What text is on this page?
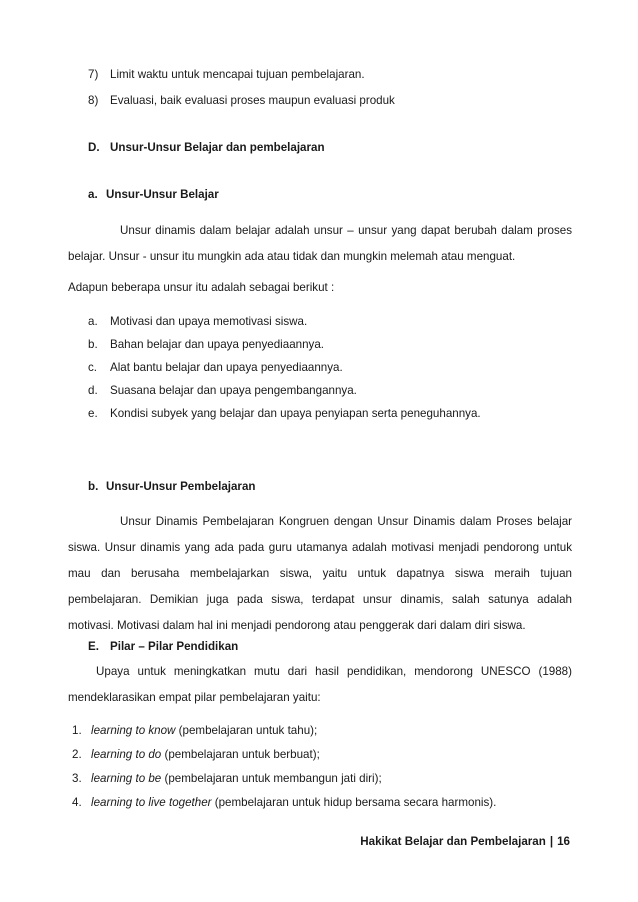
7) Limit waktu untuk mencapai tujuan pembelajaran.
8) Evaluasi, baik evaluasi proses maupun evaluasi produk
D. Unsur-Unsur Belajar dan pembelajaran
a. Unsur-Unsur Belajar
Unsur dinamis dalam belajar adalah unsur – unsur yang dapat berubah dalam proses
belajar. Unsur - unsur itu mungkin ada atau tidak dan mungkin melemah atau menguat.
Adapun beberapa unsur itu adalah sebagai berikut :
a. Motivasi dan upaya memotivasi siswa.
b. Bahan belajar dan upaya penyediaannya.
c. Alat bantu belajar dan upaya penyediaannya.
d. Suasana belajar dan upaya pengembangannya.
e. Kondisi subyek yang belajar dan upaya penyiapan serta peneguhannya.
b. Unsur-Unsur Pembelajaran
Unsur Dinamis Pembelajaran Kongruen dengan Unsur Dinamis dalam Proses belajar
siswa. Unsur dinamis yang ada pada guru utamanya adalah motivasi menjadi pendorong untuk
mau dan berusaha membelajarkan siswa, yaitu untuk dapatnya siswa meraih tujuan
pembelajaran. Demikian juga pada siswa, terdapat unsur dinamis, salah satunya adalah
motivasi. Motivasi dalam hal ini menjadi pendorong atau penggerak dari dalam diri siswa.
E. Pilar – Pilar Pendidikan
Upaya untuk meningkatkan mutu dari hasil pendidikan, mendorong UNESCO (1988)
mendeklarasikan empat pilar pembelajaran yaitu:
1. learning to know (pembelajaran untuk tahu);
2. learning to do (pembelajaran untuk berbuat);
3. learning to be (pembelajaran untuk membangun jati diri);
4. learning to live together (pembelajaran untuk hidup bersama secara harmonis).
Hakikat Belajar dan Pembelajaran | 16
